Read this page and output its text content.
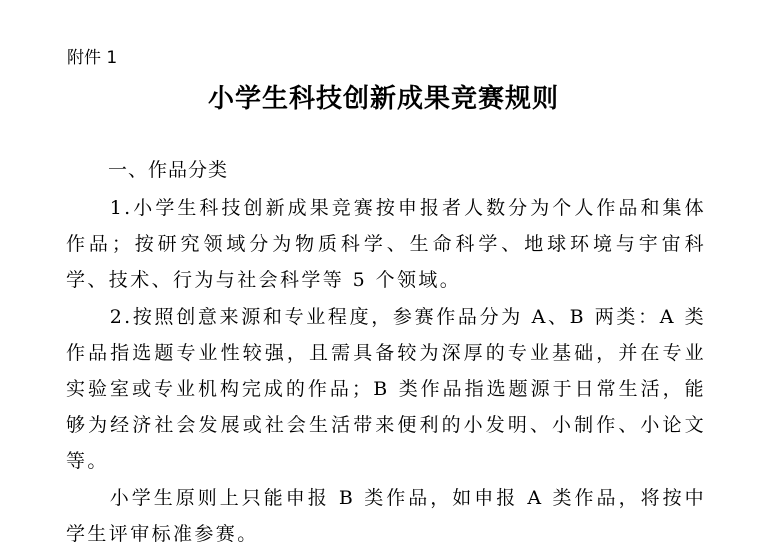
附件 1
小学生科技创新成果竞赛规则
一、作品分类

1.小学生科技创新成果竞赛按申报者人数分为个人作品和集体作品；按研究领域分为物质科学、生命科学、地球环境与宇宙科学、技术、行为与社会科学等 5 个领域。

2.按照创意来源和专业程度，参赛作品分为 A、B 两类：A 类作品指选题专业性较强，且需具备较为深厚的专业基础，并在专业实验室或专业机构完成的作品；B 类作品指选题源于日常生活，能够为经济社会发展或社会生活带来便利的小发明、小制作、小论文等。

小学生原则上只能申报 B 类作品，如申报 A 类作品，将按中学生评审标准参赛。
